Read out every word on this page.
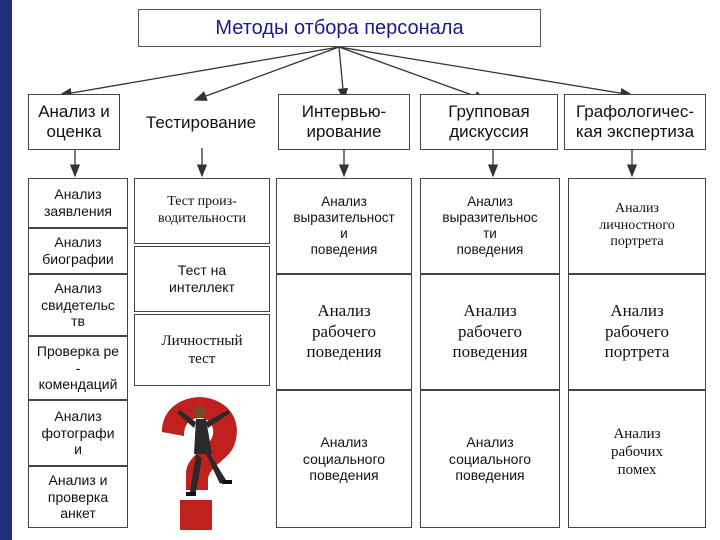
Методы отбора персонала
Анализ и
оценка	Тестирование
Интервью-
ирование
Групповая
дискуссия
Графологичес-
кая экспертиза
Анализ
заявления
Анализ
биографии
Анализ
свидетельс
тв
Проверка ре
-
комендаций
Анализ
фотографи
и
Анализ и
проверка
анкет
Тест произ-
водительности
Тест на
интеллект
Личностный
тест
Анализ
выразительност
и
поведения
Анализ
рабочего
поведения
Анализ
социального
поведения
Анализ
выразительнос
ти
поведения
Анализ
рабочего
поведения
Анализ
социального
поведения
Анализ
личностного
портрета
Анализ
рабочего
портрета
Анализ
рабочих
помех
